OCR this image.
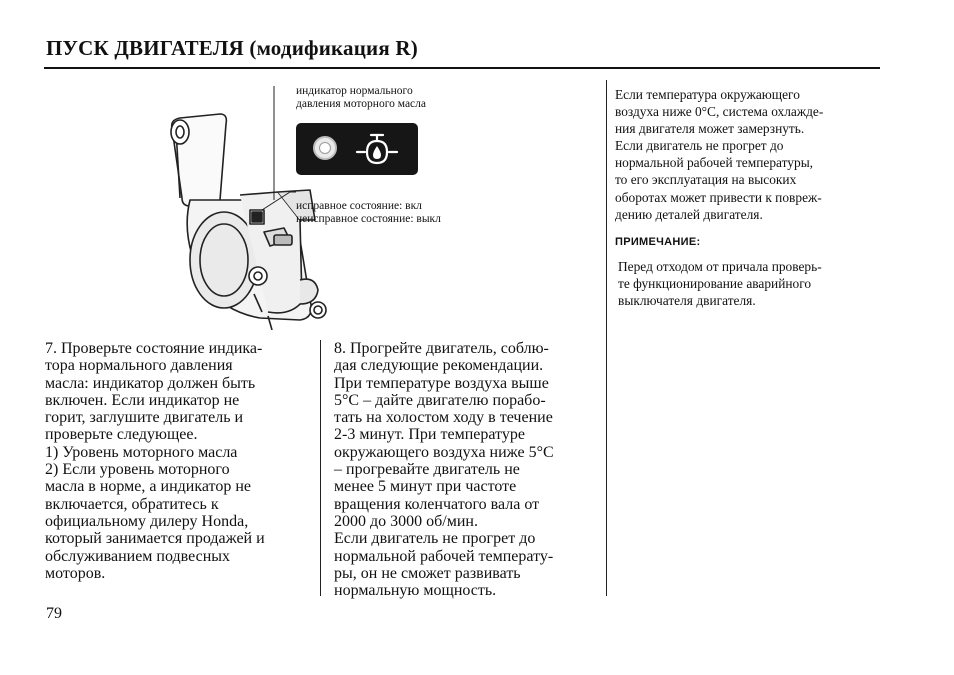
ПУСК ДВИГАТЕЛЯ (модификация R)
индикатор нормального
давления моторного масла
исправное состояние: вкл
неисправное состояние: выкл
7. Проверьте состояние индика-
тора нормального давления
масла: индикатор должен быть
включен. Если индикатор не
горит, заглушите двигатель и
проверьте следующее.
1) Уровень моторного масла
2) Если уровень моторного
масла в норме, а индикатор не
включается, обратитесь к
официальному дилеру Honda,
который занимается продажей и
обслуживанием подвесных
моторов.
8. Прогрейте двигатель, соблю-
дая следующие рекомендации.
При температуре воздуха выше
5°C – дайте двигателю порабо-
тать на холостом ходу в течение
2-3 минут. При температуре
окружающего воздуха ниже 5°C
– прогревайте двигатель не
менее 5 минут при частоте
вращения коленчатого вала от
2000 до 3000 об/мин.
Если двигатель не прогрет до
нормальной рабочей температу-
ры, он не сможет развивать
нормальную мощность.
Если температура окружающего
воздуха ниже 0°C, система охлажде-
ния двигателя может замерзнуть.
Если двигатель не прогрет до
нормальной рабочей температуры,
то его эксплуатация на высоких
оборотах может привести к повреж-
дению деталей двигателя.

ПРИМЕЧАНИЕ:

Перед отходом от причала проверь-
те функционирование аварийного
выключателя двигателя.

79
